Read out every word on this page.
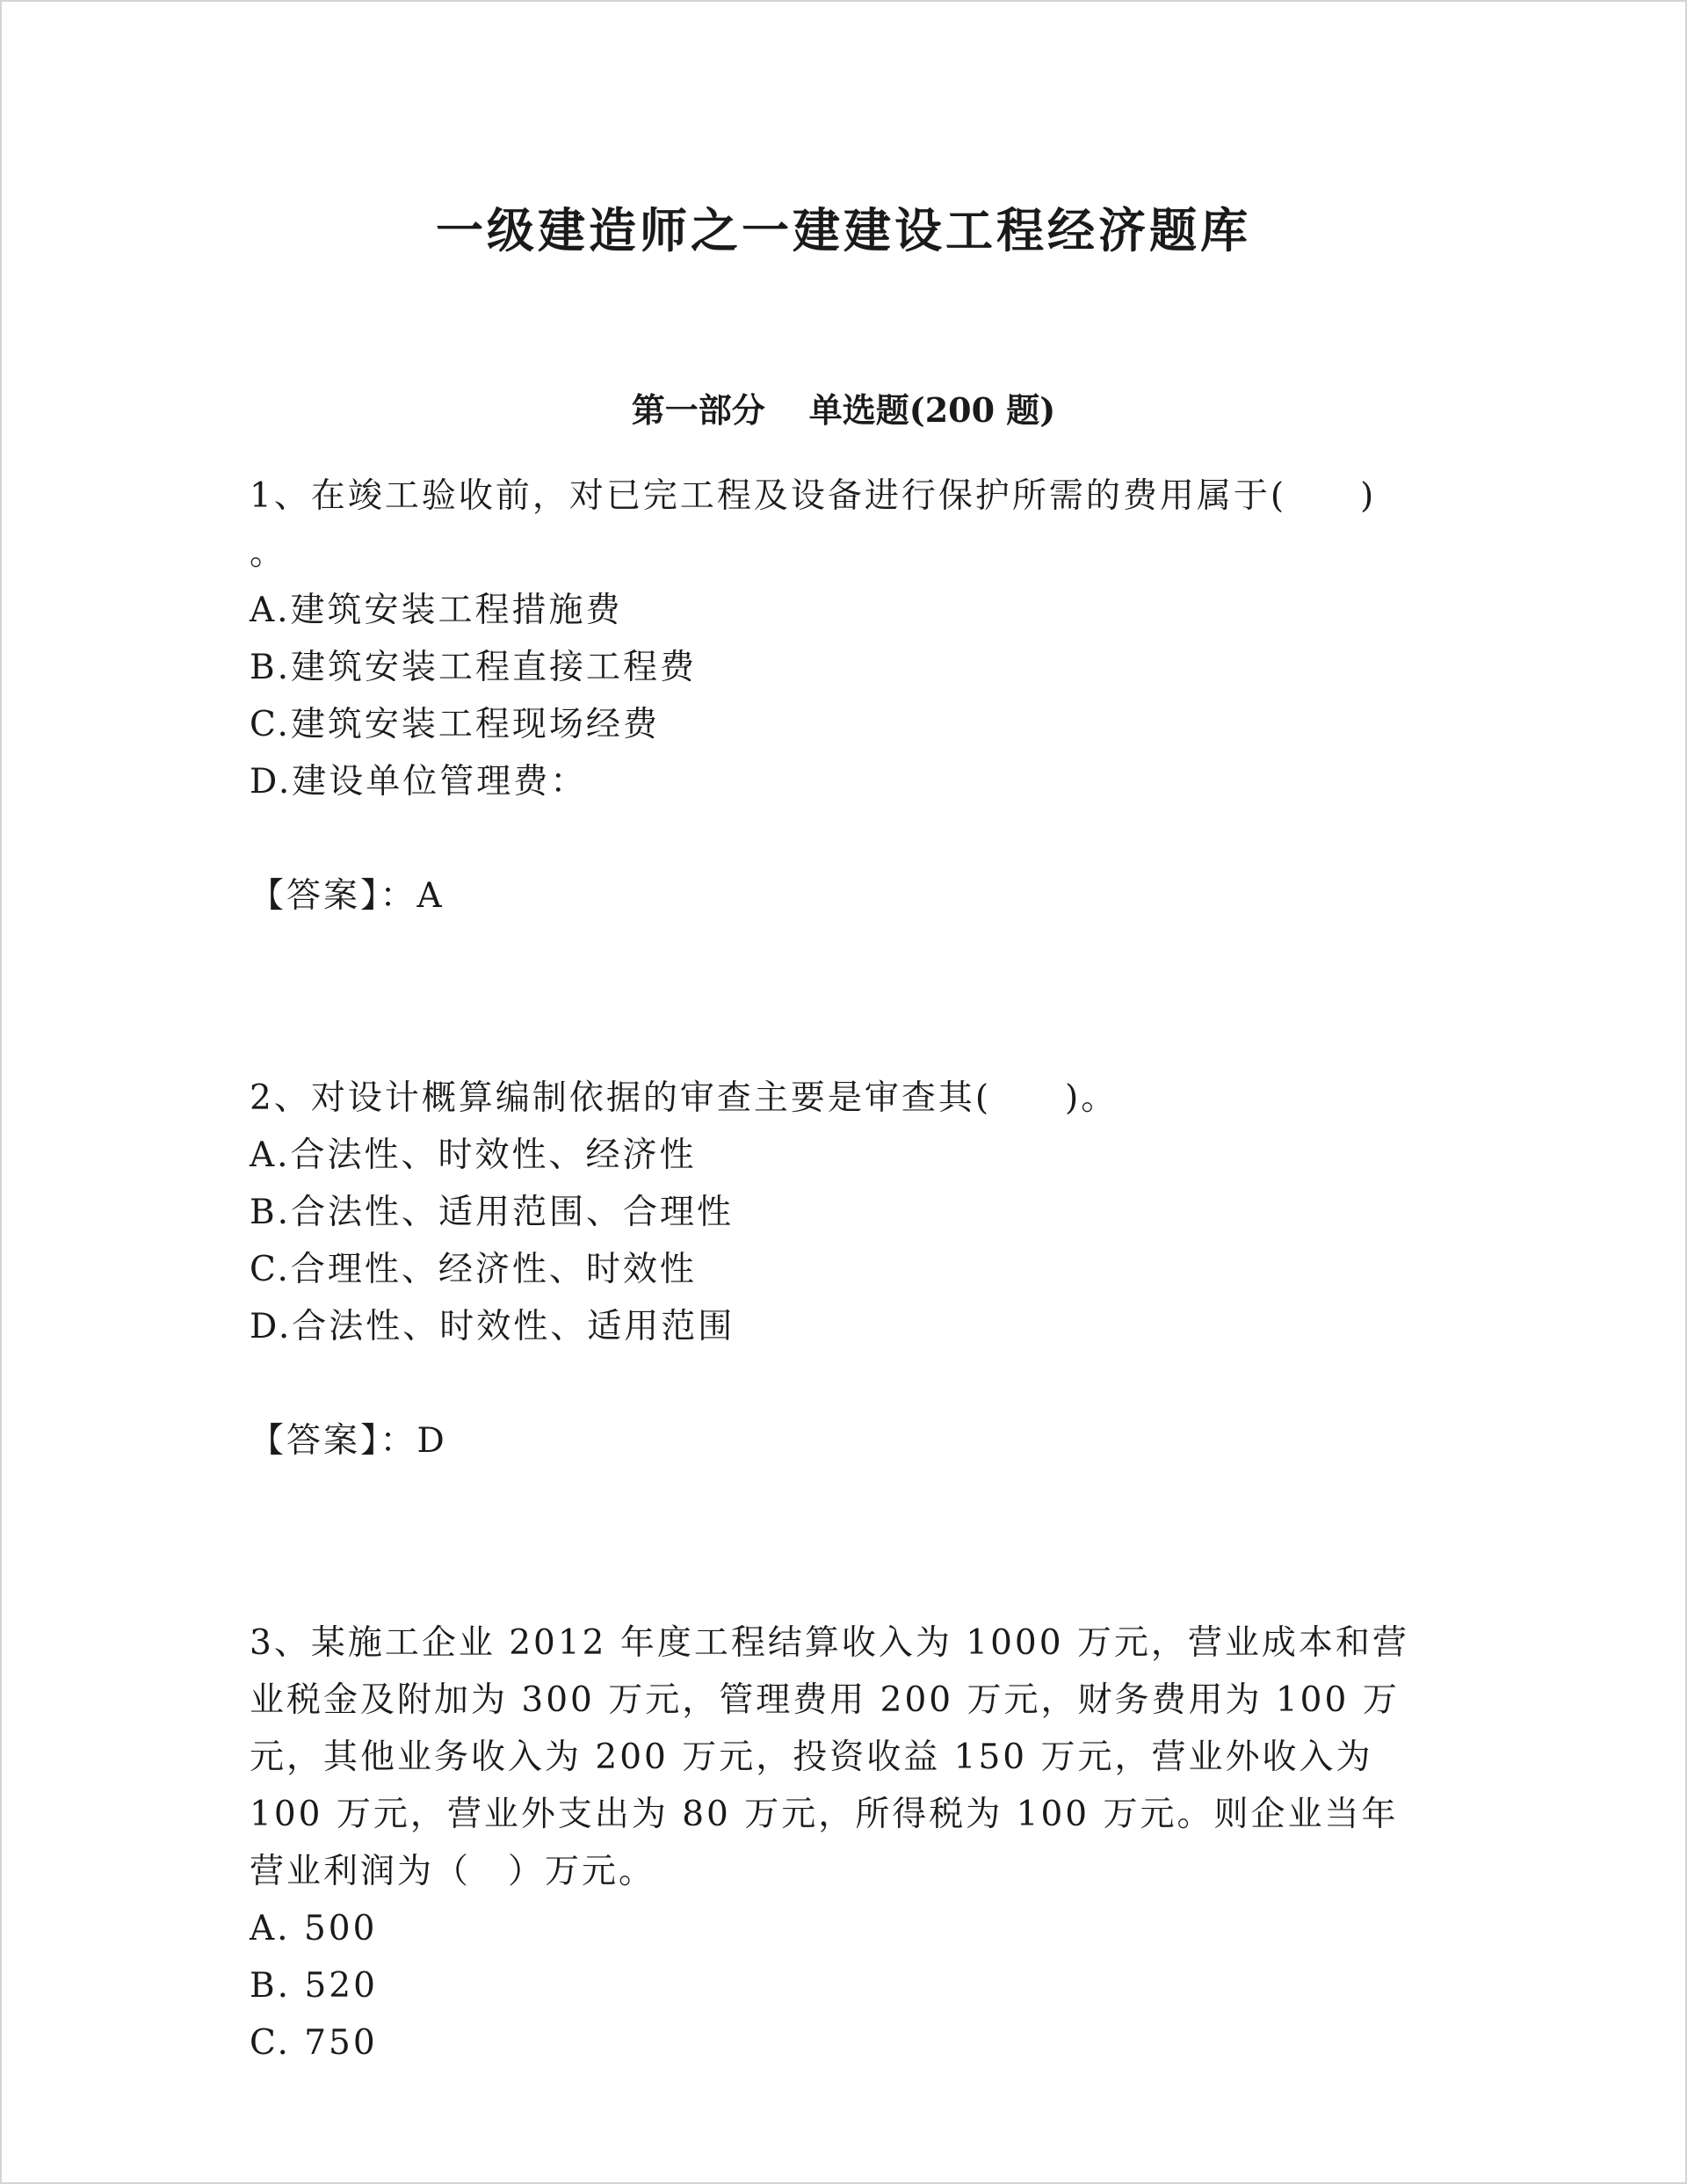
一级建造师之一建建设工程经济题库
第一部分 单选题(200 题)
1、在竣工验收前，对已完工程及设备进行保护所需的费用属于(　　)
。
A.建筑安装工程措施费
B.建筑安装工程直接工程费
C.建筑安装工程现场经费
D.建设单位管理费：
【答案】：A
2、对设计概算编制依据的审查主要是审查其(　　)。
A.合法性、时效性、经济性
B.合法性、适用范围、合理性
C.合理性、经济性、时效性
D.合法性、时效性、适用范围
【答案】：D
3、某施工企业 2012 年度工程结算收入为 1000 万元，营业成本和营
业税金及附加为 300 万元，管理费用 200 万元，财务费用为 100 万
元，其他业务收入为 200 万元，投资收益 150 万元，营业外收入为
100 万元，营业外支出为 80 万元，所得税为 100 万元。则企业当年
营业利润为（　）万元。
A. 500
B. 520
C. 750
